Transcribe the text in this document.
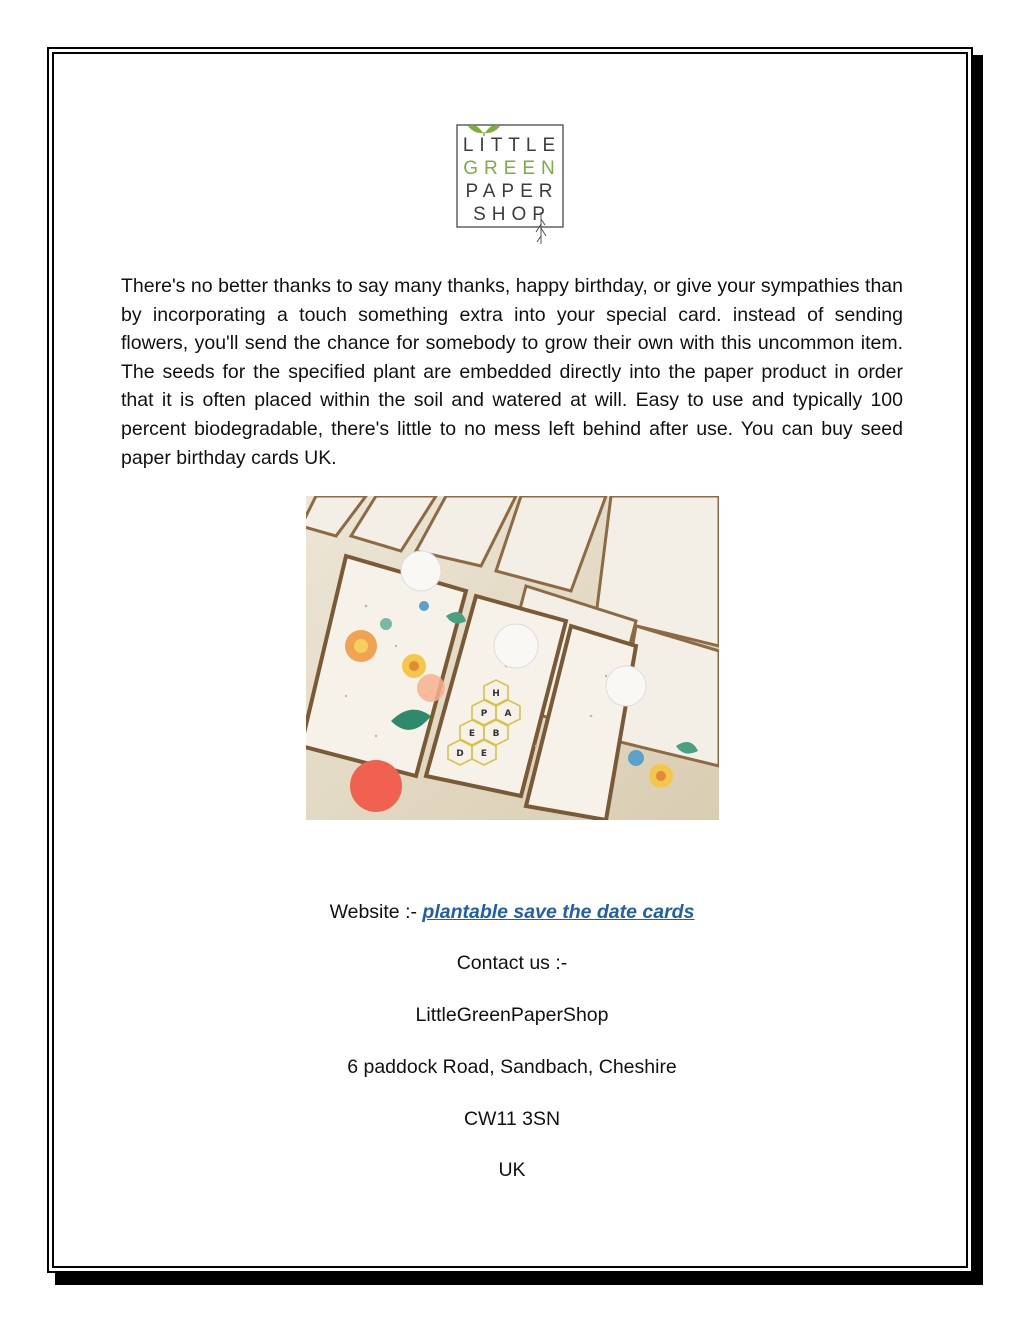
LITTLE
GREEN
PAPER
SHOP

There's no better thanks to say many thanks, happy birthday, or give your sympathies than by incorporating a touch something extra into your special card. instead of sending flowers, you'll send the chance for somebody to grow their own with this uncommon item. The seeds for the specified plant are embedded directly into the paper product in order that it is often placed within the soil and watered at will. Easy to use and typically 100 percent biodegradable, there's little to no mess left behind after use. You can buy seed paper birthday cards UK.

H
A
P
B
E
E
D
Website :- plantable save the date cards
Contact us :-
LittleGreenPaperShop
6 paddock Road, Sandbach, Cheshire
CW11 3SN
UK
